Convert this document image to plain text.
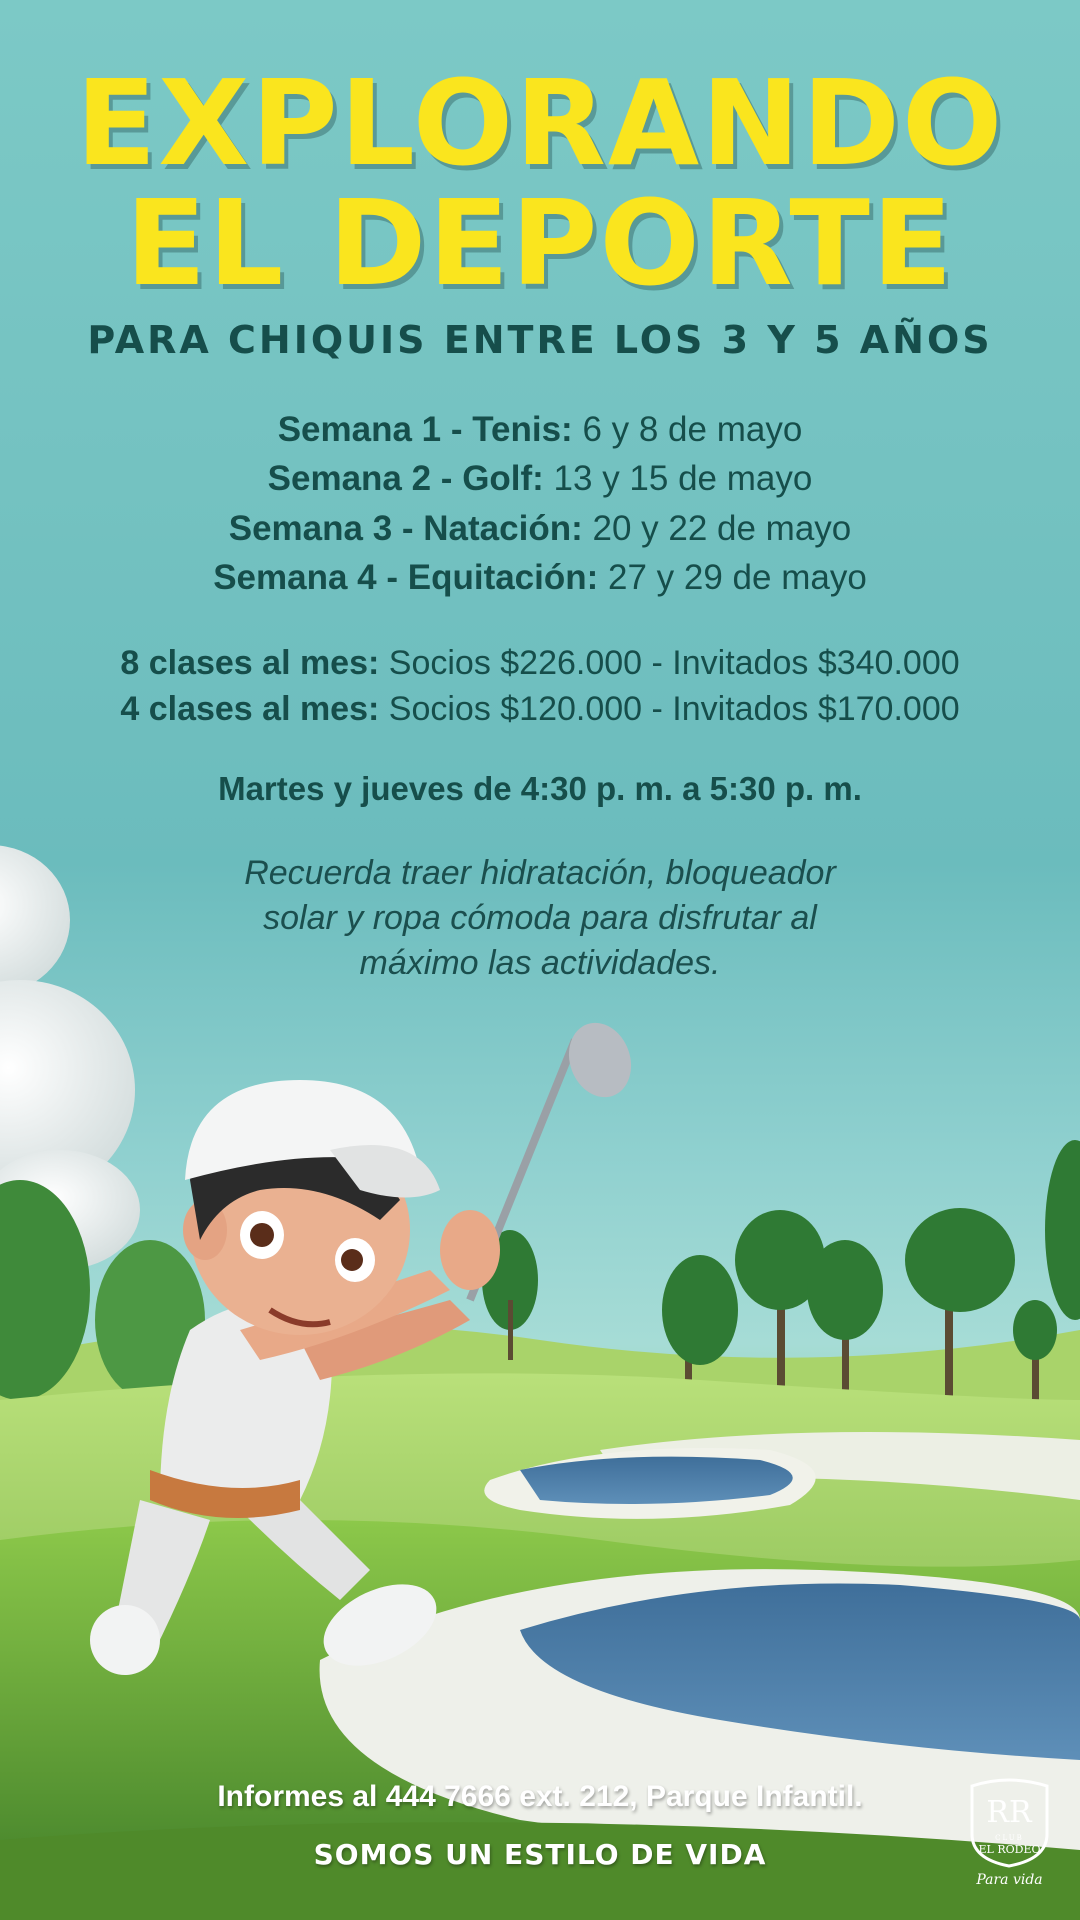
EXPLORANDO
EL DEPORTE
PARA CHIQUIS ENTRE LOS 3 Y 5 AÑOS
Semana 1 - Tenis: 6 y 8 de mayo
Semana 2 - Golf: 13 y 15 de mayo
Semana 3 - Natación: 20 y 22 de mayo
Semana 4 - Equitación: 27 y 29 de mayo
8 clases al mes: Socios $226.000 - Invitados $340.000
4 clases al mes: Socios $120.000 - Invitados $170.000
Martes y jueves de 4:30 p. m. a 5:30 p. m.
Recuerda traer hidratación, bloqueador
solar y ropa cómoda para disfrutar al
máximo las actividades.
Informes al 444 7666 ext. 212, Parque Infantil.
SOMOS UN ESTILO DE VIDA
RR
CLUB
EL RODEO
Para vida
